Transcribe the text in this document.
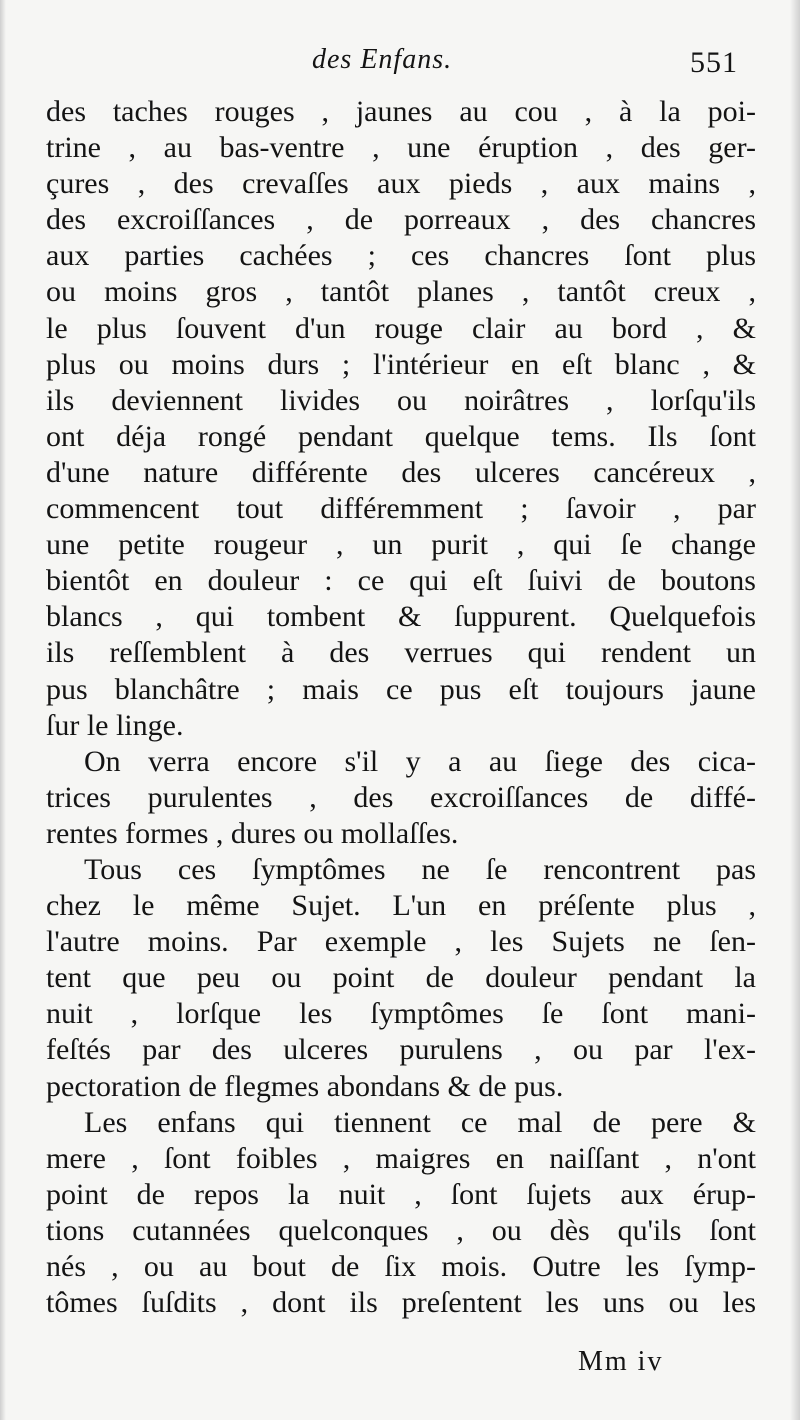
des Enfans.	551
des taches rouges , jaunes au cou , à la poi-
trine , au bas-ventre , une éruption , des ger-
çures , des crevaſſes aux pieds , aux mains ,
des excroiſſances , de porreaux , des chancres
aux parties cachées ; ces chancres ſont plus
ou moins gros , tantôt planes , tantôt creux ,
le plus ſouvent d'un rouge clair au bord , &
plus ou moins durs ; l'intérieur en eſt blanc , &
ils deviennent livides ou noirâtres , lorſqu'ils
ont déja rongé pendant quelque tems. Ils ſont
d'une nature différente des ulceres cancéreux ,
commencent tout différemment ; ſavoir , par
une petite rougeur , un purit , qui ſe change
bientôt en douleur : ce qui eſt ſuivi de boutons
blancs , qui tombent & ſuppurent. Quelquefois
ils reſſemblent à des verrues qui rendent un
pus blanchâtre ; mais ce pus eſt toujours jaune
ſur le linge.
On verra encore s'il y a au ſiege des cica-
trices purulentes , des excroiſſances de diffé-
rentes formes , dures ou mollaſſes.
Tous ces ſymptômes ne ſe rencontrent pas
chez le même Sujet. L'un en préſente plus ,
l'autre moins. Par exemple , les Sujets ne ſen-
tent que peu ou point de douleur pendant la
nuit , lorſque les ſymptômes ſe ſont mani-
feſtés par des ulceres purulens , ou par l'ex-
pectoration de flegmes abondans & de pus.
Les enfans qui tiennent ce mal de pere &
mere , ſont foibles , maigres en naiſſant , n'ont
point de repos la nuit , ſont ſujets aux érup-
tions cutannées quelconques , ou dès qu'ils ſont
nés , ou au bout de ſix mois. Outre les ſymp-
tômes ſuſdits , dont ils preſentent les uns ou les
Mm iv
